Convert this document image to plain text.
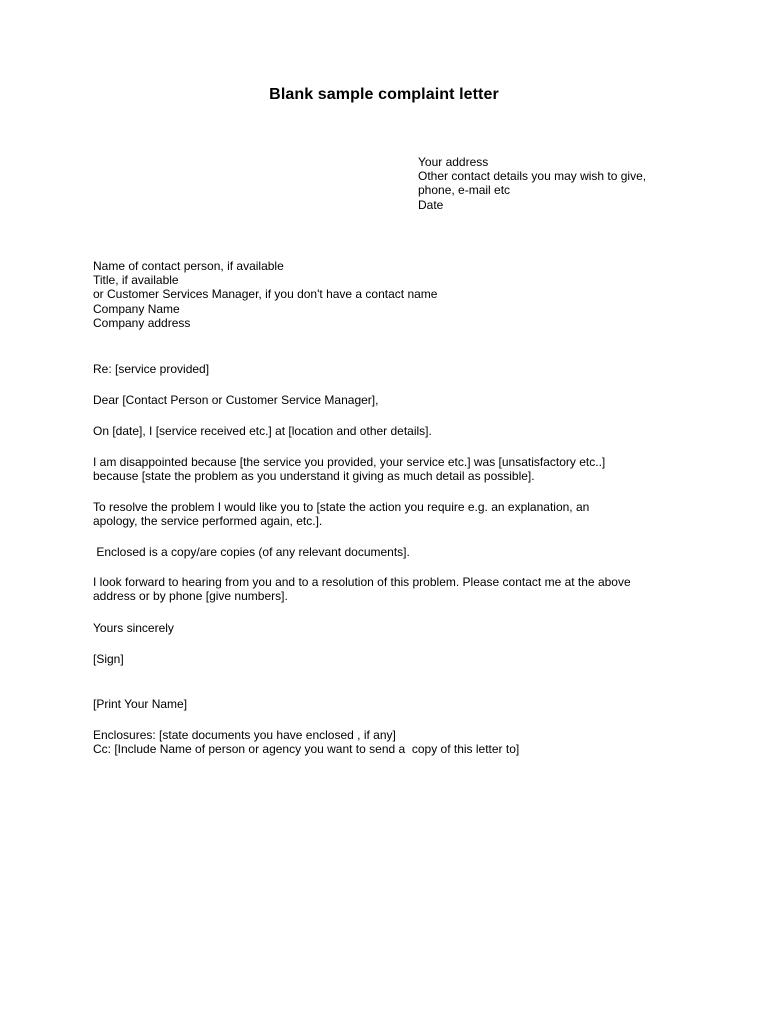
Blank sample complaint letter
Your address
Other contact details you may wish to give,
phone, e-mail etc
Date
Name of contact person, if available
Title, if available
or Customer Services Manager, if you don't have a contact name
Company Name
Company address
Re: [service provided]
Dear [Contact Person or Customer Service Manager],
On [date], I [service received etc.] at [location and other details].
I am disappointed because [the service you provided, your service etc.] was [unsatisfactory etc..]
because [state the problem as you understand it giving as much detail as possible].
To resolve the problem I would like you to [state the action you require e.g. an explanation, an
apology, the service performed again, etc.].
Enclosed is a copy/are copies (of any relevant documents].
I look forward to hearing from you and to a resolution of this problem. Please contact me at the above
address or by phone [give numbers].
Yours sincerely
[Sign]
[Print Your Name]
Enclosures: [state documents you have enclosed , if any]
Cc: [Include Name of person or agency you want to send a  copy of this letter to]
